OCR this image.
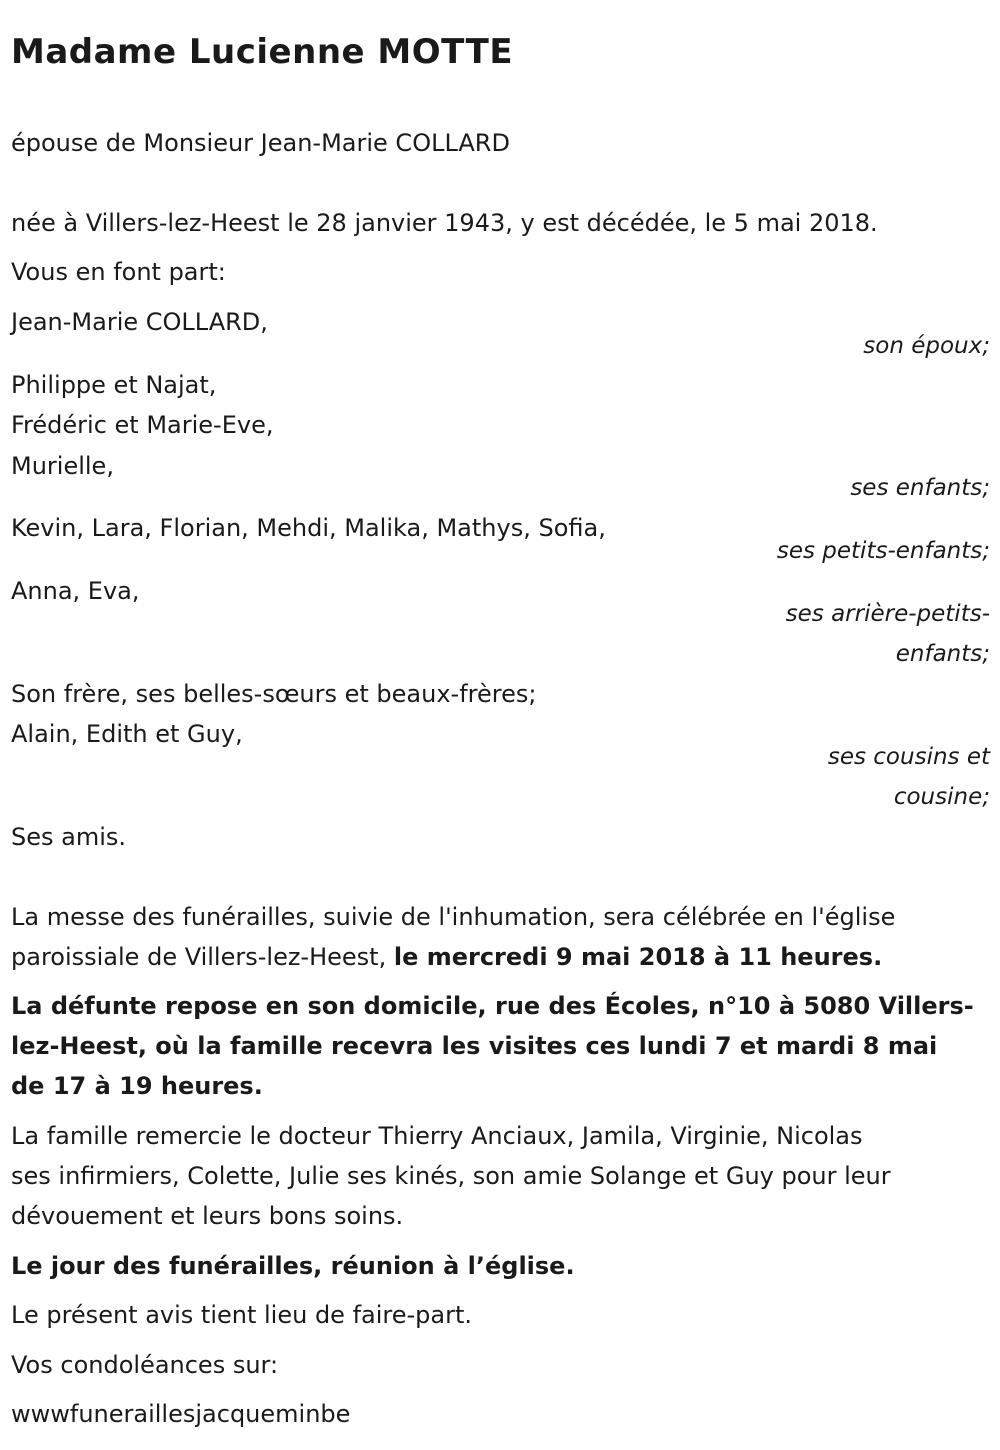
Madame Lucienne MOTTE
épouse de Monsieur Jean-Marie COLLARD
née à Villers-lez-Heest le 28 janvier 1943, y est décédée, le 5 mai 2018.
Vous en font part:
Jean-Marie COLLARD,
son époux;
Philippe et Najat,
Frédéric et Marie-Eve,
Murielle,
ses enfants;
Kevin, Lara, Florian, Mehdi, Malika, Mathys, Sofia,
ses petits-enfants;
Anna, Eva,
ses arrière-petits-
enfants;
Son frère, ses belles-sœurs et beaux-frères;
Alain, Edith et Guy,
ses cousins et
cousine;
Ses amis.
La messe des funérailles, suivie de l'inhumation, sera célébrée en l'église
paroissiale de Villers-lez-Heest, le mercredi 9 mai 2018 à 11 heures.
La défunte repose en son domicile, rue des Écoles, n°10 à 5080 Villers-
lez-Heest, où la famille recevra les visites ces lundi 7 et mardi 8 mai
de 17 à 19 heures.
La famille remercie le docteur Thierry Anciaux, Jamila, Virginie, Nicolas
ses infirmiers, Colette, Julie ses kinés, son amie Solange et Guy pour leur
dévouement et leurs bons soins.
Le jour des funérailles, réunion à l’église.
Le présent avis tient lieu de faire-part.
Vos condoléances sur:
wwwfuneraillesjacqueminbe
